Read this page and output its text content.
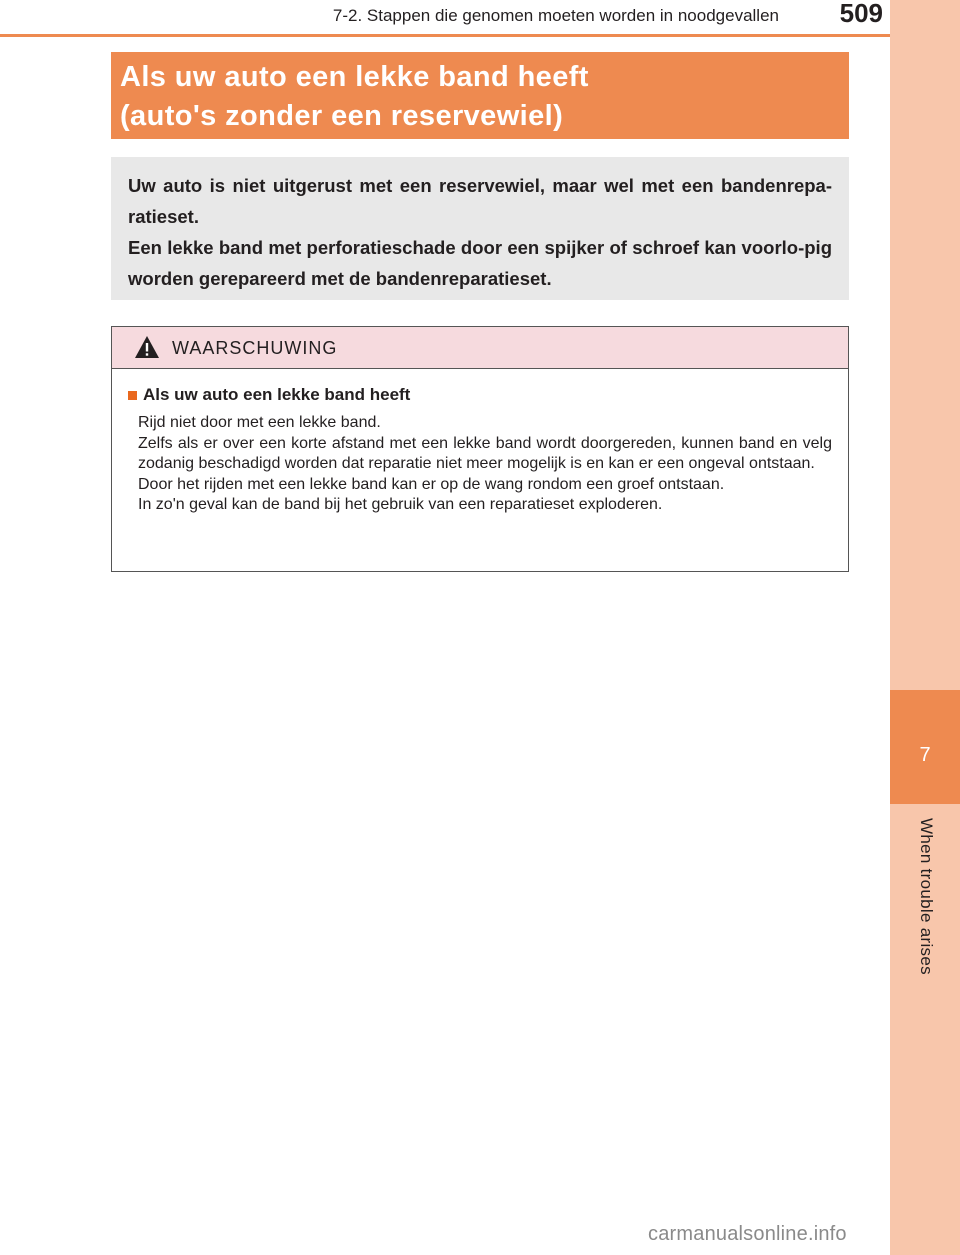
7-2. Stappen die genomen moeten worden in noodgevallen 509
7
When trouble arises
Als uw auto een lekke band heeft
(auto's zonder een reservewiel)

Uw auto is niet uitgerust met een reservewiel, maar wel met een bandenrepa-ratieset.

Een lekke band met perforatieschade door een spijker of schroef kan voorlo-pig worden gerepareerd met de bandenreparatieset.

WAARSCHUWING
Als uw auto een lekke band heeft
Rijd niet door met een lekke band.
Zelfs als er over een korte afstand met een lekke band wordt doorgereden, kunnen band en velg zodanig beschadigd worden dat reparatie niet meer mogelijk is en kan er een ongeval ontstaan.
Door het rijden met een lekke band kan er op de wang rondom een groef ontstaan.
In zo'n geval kan de band bij het gebruik van een reparatieset exploderen.
carmanualsonline.info
